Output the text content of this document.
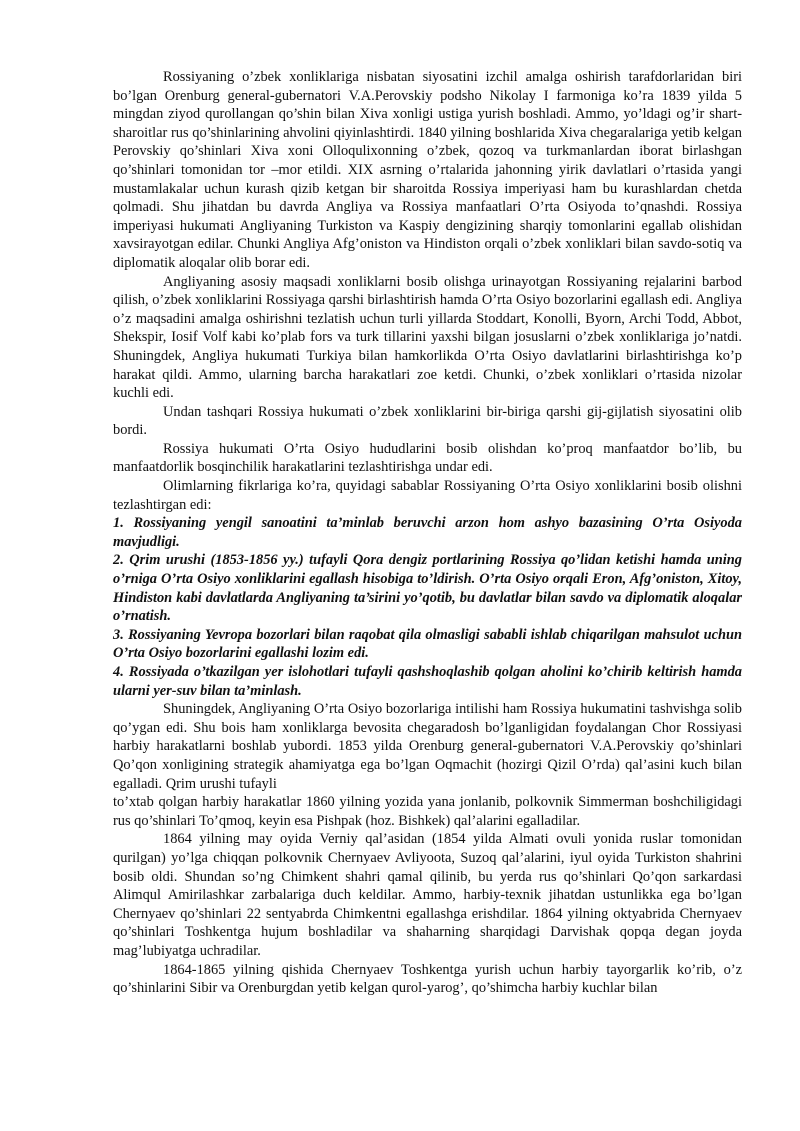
Rossiyaning o’zbek xonliklariga nisbatan siyosatini izchil amalga oshirish tarafdorlaridan biri bo’lgan Orenburg general-gubernatori V.A.Perovskiy podsho Nikolay I farmoniga ko’ra 1839 yilda 5 mingdan ziyod qurollangan qo’shin bilan Xiva xonligi ustiga yurish boshladi. Ammo, yo’ldagi og’ir shart-sharoitlar rus qo’shinlarining ahvolini qiyinlashtirdi. 1840 yilning boshlarida Xiva chegaralariga yetib kelgan Perovskiy qo’shinlari Xiva xoni Olloqulixonning o’zbek, qozoq va turkmanlardan iborat birlashgan qo’shinlari tomonidan tor –mor etildi. XIX asrning o’rtalarida jahonning yirik davlatlari o’rtasida yangi mustamlakalar uchun kurash qizib ketgan bir sharoitda Rossiya imperiyasi ham bu kurashlardan chetda qolmadi. Shu jihatdan bu davrda Angliya va Rossiya manfaatlari O’rta Osiyoda to’qnashdi. Rossiya imperiyasi hukumati Angliyaning Turkiston va Kaspiy dengizining sharqiy tomonlarini egallab olishidan xavsirayotgan edilar. Chunki Angliya Afg’oniston va Hindiston orqali o’zbek xonliklari bilan savdo-sotiq va diplomatik aloqalar olib borar edi.

Angliyaning asosiy maqsadi xonliklarni bosib olishga urinayotgan Rossiyaning rejalarini barbod qilish, o’zbek xonliklarini Rossiyaga qarshi birlashtirish hamda O’rta Osiyo bozorlarini egallash edi. Angliya o’z maqsadini amalga oshirishni tezlatish uchun turli yillarda Stoddart, Konolli, Byorn, Archi Todd, Abbot, Shekspir, Iosif Volf kabi ko’plab fors va turk tillarini yaxshi bilgan josuslarni o’zbek xonliklariga jo’natdi. Shuningdek, Angliya hukumati Turkiya bilan hamkorlikda O’rta Osiyo davlatlarini birlashtirishga ko’p harakat qildi. Ammo, ularning barcha harakatlari zoe ketdi. Chunki, o’zbek xonliklari o’rtasida nizolar kuchli edi.

Undan tashqari Rossiya hukumati o’zbek xonliklarini bir-biriga qarshi gij-gijlatish siyosatini olib bordi.

Rossiya hukumati O’rta Osiyo hududlarini bosib olishdan ko’proq manfaatdor bo’lib, bu manfaatdorlik bosqinchilik harakatlarini tezlashtirishga undar edi.

Olimlarning fikrlariga ko’ra, quyidagi sabablar Rossiyaning O’rta Osiyo xonliklarini bosib olishni tezlashtirgan edi:

1. Rossiyaning yengil sanoatini ta’minlab beruvchi arzon hom ashyo bazasining O’rta Osiyoda mavjudligi.

2. Qrim urushi (1853-1856 yy.) tufayli Qora dengiz portlarining Rossiya qo’lidan ketishi hamda uning o’rniga O’rta Osiyo xonliklarini egallash hisobiga to’ldirish. O’rta Osiyo orqali Eron, Afg’oniston, Xitoy, Hindiston kabi davlatlarda Angliyaning ta’sirini yo’qotib, bu davlatlar bilan savdo va diplomatik aloqalar o’rnatish.

3. Rossiyaning Yevropa bozorlari bilan raqobat qila olmasligi sababli ishlab chiqarilgan mahsulot uchun O’rta Osiyo bozorlarini egallashi lozim edi.

4. Rossiyada o’tkazilgan yer islohotlari tufayli qashshoqlashib qolgan aholini ko’chirib keltirish hamda ularni yer-suv bilan ta’minlash.

Shuningdek, Angliyaning O’rta Osiyo bozorlariga intilishi ham Rossiya hukumatini tashvishga solib qo’ygan edi. Shu bois ham xonliklarga bevosita chegaradosh bo’lganligidan foydalangan Chor Rossiyasi harbiy harakatlarni boshlab yubordi. 1853 yilda Orenburg general-gubernatori V.A.Perovskiy qo’shinlari Qo’qon xonligining strategik ahamiyatga ega bo’lgan Oqmachit (hozirgi Qizil O’rda) qal’asini kuch bilan egalladi. Qrim urushi tufayli

to’xtab qolgan harbiy harakatlar 1860 yilning yozida yana jonlanib, polkovnik Simmerman boshchiligidagi rus qo’shinlari To’qmoq, keyin esa Pishpak (hoz. Bishkek) qal’alarini egalladilar.

1864 yilning may oyida Verniy qal’asidan (1854 yilda Almati ovuli yonida ruslar tomonidan qurilgan) yo’lga chiqqan polkovnik Chernyaev Avliyoota, Suzoq qal’alarini, iyul oyida Turkiston shahrini bosib oldi. Shundan so’ng Chimkent shahri qamal qilinib, bu yerda rus qo’shinlari Qo’qon sarkardasi Alimqul Amirilashkar zarbalariga duch keldilar. Ammo, harbiy-texnik jihatdan ustunlikka ega bo’lgan Chernyaev qo’shinlari 22 sentyabrda Chimkentni egallashga erishdilar. 1864 yilning oktyabrida Chernyaev qo’shinlari Toshkentga hujum boshladilar va shaharning sharqidagi Darvishak qopqa degan joyda mag’lubiyatga uchradilar.

1864-1865 yilning qishida Chernyaev Toshkentga yurish uchun harbiy tayorgarlik ko’rib, o’z qo’shinlarini Sibir va Orenburgdan yetib kelgan qurol-yarog’, qo’shimcha harbiy kuchlar bilan
